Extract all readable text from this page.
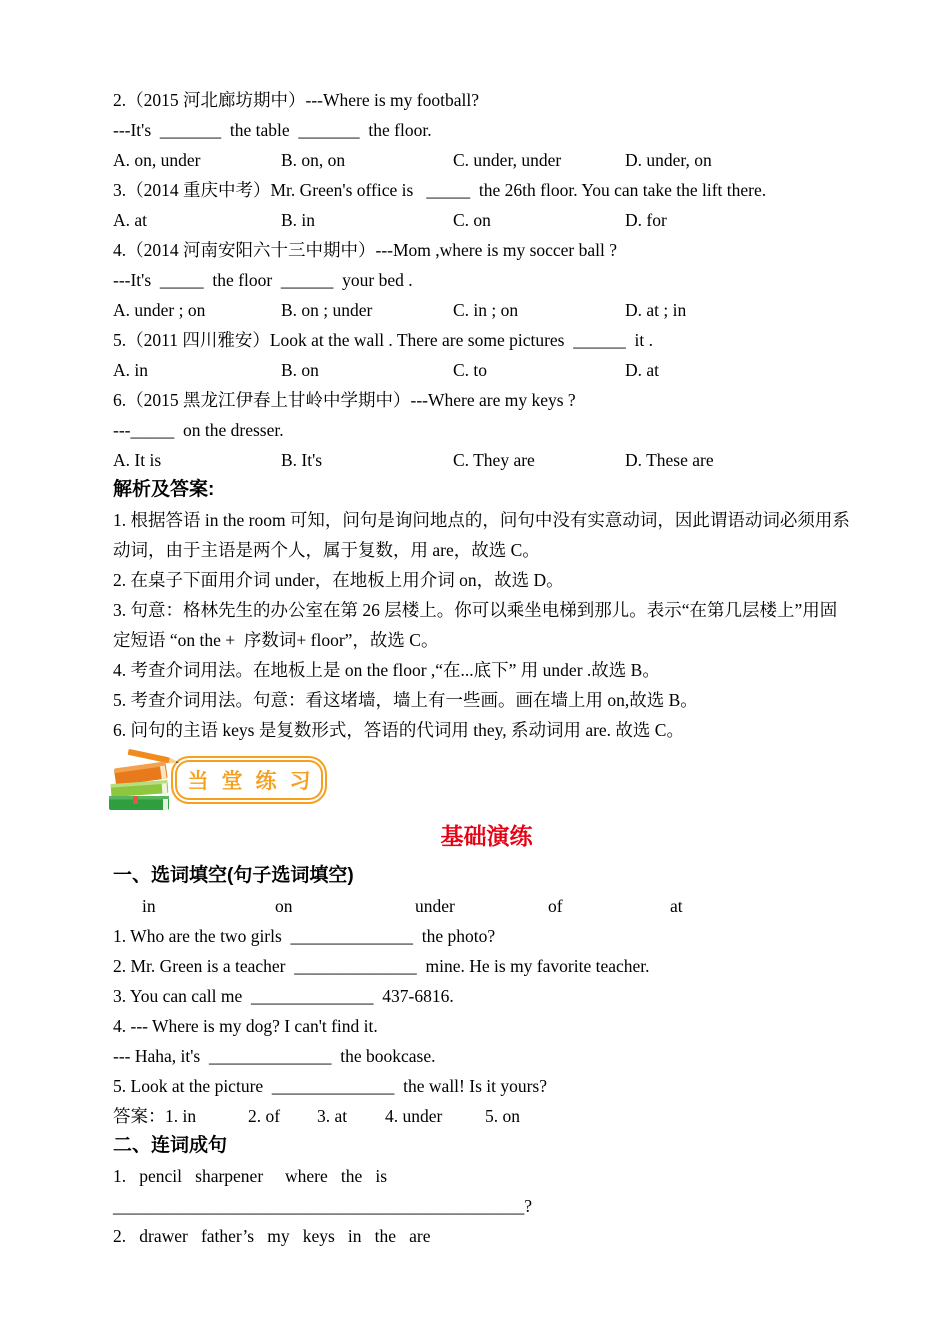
2.（2015 河北廊坊期中）---Where is my football?
---It's  _______  the table  _______  the floor.
A. on, under	B. on, on	C. under, under	D. under, on
3.（2014 重庆中考）Mr. Green's office is   _____  the 26th floor. You can take the lift there.
A. at	B. in	C. on	D. for
4.（2014 河南安阳六十三中期中）---Mom ,where is my soccer ball ?
---It's  _____  the floor  ______  your bed .
A. under ; on	B. on ; under	C. in ; on	D. at ; in
5.（2011 四川雅安）Look at the wall . There are some pictures  ______  it .
A. in	B. on	C. to	D. at
6.（2015 黑龙江伊春上甘岭中学期中）---Where are my keys ?
---_____  on the dresser.
A. It is	B. It's	C. They are	D. These are
解析及答案:
1. 根据答语 in the room 可知，问句是询问地点的，问句中没有实意动词，因此谓语动词必须用系
动词，由于主语是两个人，属于复数，用 are，故选 C。
2. 在桌子下面用介词 under，在地板上用介词 on，故选 D。
3. 句意：格林先生的办公室在第 26 层楼上。你可以乘坐电梯到那儿。表示“在第几层楼上”用固
定短语 “on the +  序数词+ floor”，故选 C。
4. 考查介词用法。在地板上是 on the floor ,“在...底下” 用 under .故选 B。
5. 考查介词用法。句意：看这堵墙，墙上有一些画。画在墙上用 on,故选 B。
6. 问句的主语 keys 是复数形式，答语的代词用 they, 系动词用 are. 故选 C。
当堂练习
基础演练
一、选词填空(句子选词填空)
in	on	under	of	at
1. Who are the two girls  ______________  the photo?
2. Mr. Green is a teacher  ______________  mine. He is my favorite teacher.
3. You can call me  ______________  437-6816.
4. --- Where is my dog? I can't find it.
--- Haha, it's  ______________  the bookcase.
5. Look at the picture  ______________  the wall! Is it yours?
答案： 1. in	2. of 3. at 4. under 5. on
二、连词成句
1.   pencil   sharpener     where   the   is
_______________________________________________?
2.   drawer   father’s   my   keys   in   the   are
